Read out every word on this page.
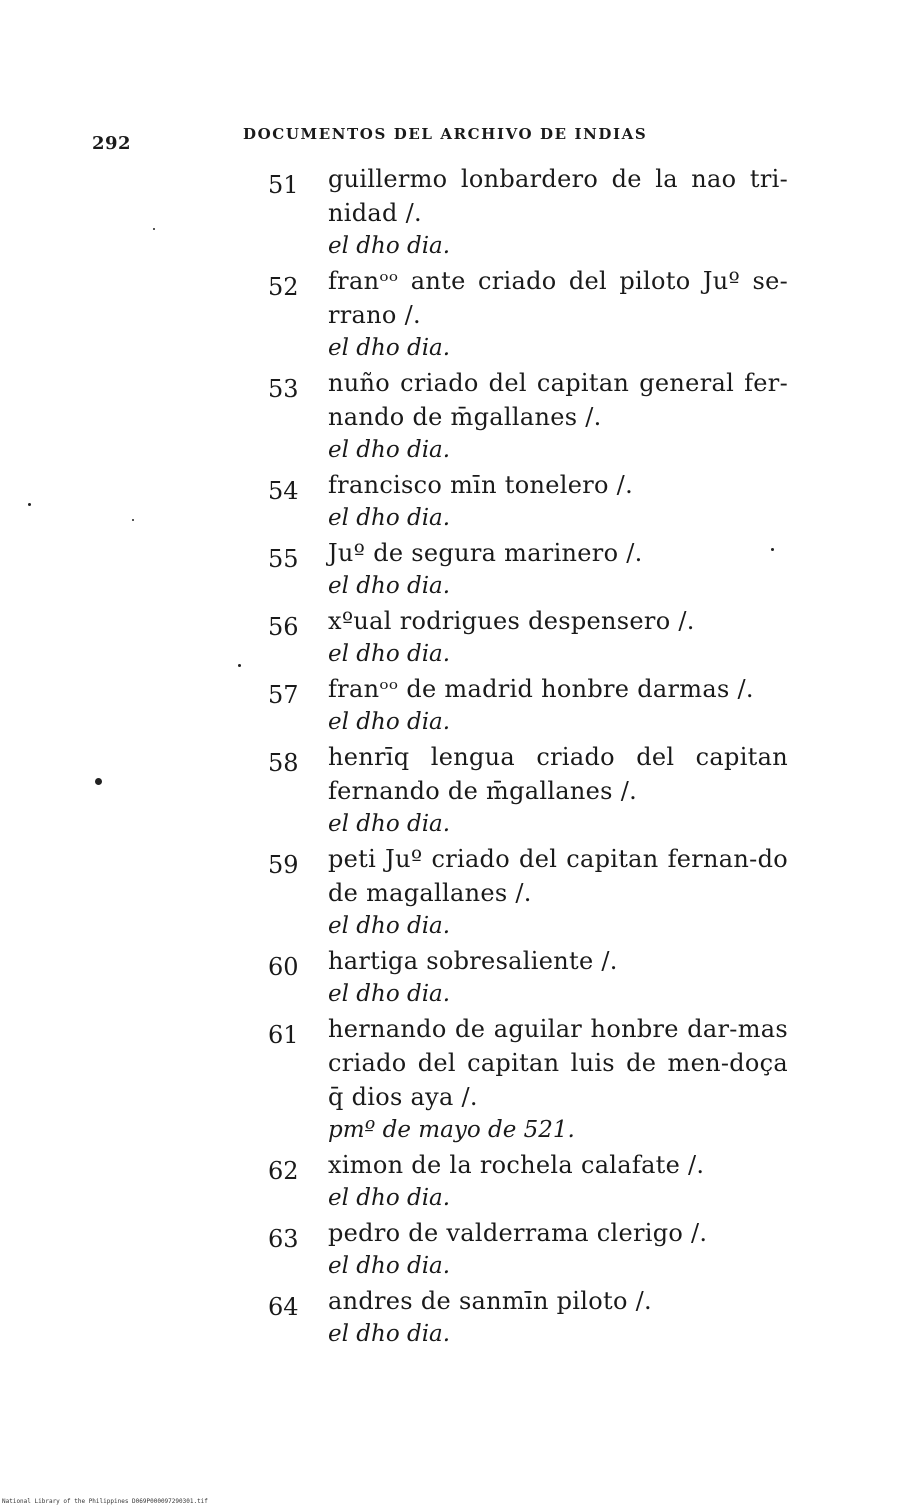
292	DOCUMENTOS DEL ARCHIVO DE INDIAS
51	guillermo lonbardero de la nao tri-nidad /.
el dho dia.
52	franᵒᵒ ante criado del piloto Juº se-rrano /.
el dho dia.
53	nuño criado del capitan general fer-nando de m̄gallanes /.
el dho dia.
54	francisco mīn tonelero /.
el dho dia.
55	Juº de segura marinero /.
el dho dia.
56	xºual rodrigues despensero /.
el dho dia.
57	franᵒᵒ de madrid honbre darmas /.
el dho dia.
58	henrīq lengua criado del capitan fernando de m̄gallanes /.
el dho dia.
59	peti Juº criado del capitan fernan-do de magallanes /.
el dho dia.
60	hartiga sobresaliente /.
el dho dia.
61	hernando de aguilar honbre dar-mas criado del capitan luis de men-doça q̄ dios aya /.
pmº de mayo de 521.
62	ximon de la rochela calafate /.
el dho dia.
63	pedro de valderrama clerigo /.
el dho dia.
64	andres de sanmīn piloto /.
el dho dia.
National Library of the Philippines D069P000097290301.tif
